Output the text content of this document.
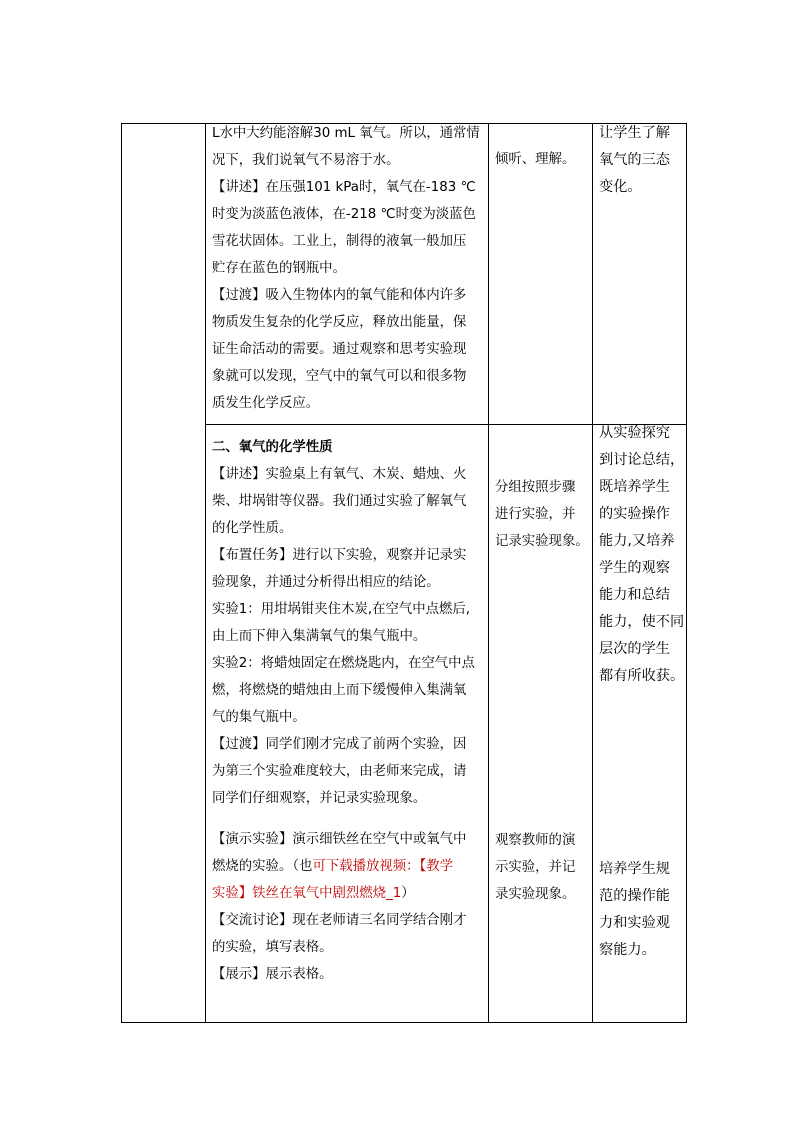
L水中大约能溶解30 mL 氧气。所以，通常情

况下，我们说氧气不易溶于水。

【讲述】在压强101 kPa时，氧气在-183 ℃

时变为淡蓝色液体，在-218 ℃时变为淡蓝色

雪花状固体。工业上，制得的液氧一般加压

贮存在蓝色的钢瓶中。

【过渡】吸入生物体内的氧气能和体内许多

物质发生复杂的化学反应，释放出能量，保

证生命活动的需要。通过观察和思考实验现

象就可以发现，空气中的氧气可以和很多物

质发生化学反应。

倾听、理解。

让学生了解

氧气的三态

变化。

二、氧气的化学性质

【讲述】实验桌上有氧气、木炭、蜡烛、火

柴、坩埚钳等仪器。我们通过实验了解氧气

的化学性质。

【布置任务】进行以下实验，观察并记录实

验现象，并通过分析得出相应的结论。

实验1：用坩埚钳夹住木炭,在空气中点燃后,

由上而下伸入集满氧气的集气瓶中。

实验2：将蜡烛固定在燃烧匙内，在空气中点

燃，将燃烧的蜡烛由上而下缓慢伸入集满氧

气的集气瓶中。

【过渡】同学们刚才完成了前两个实验，因

为第三个实验难度较大，由老师来完成，请

同学们仔细观察，并记录实验现象。

【演示实验】演示细铁丝在空气中或氧气中

燃烧的实验。（也可下载播放视频：【教学

实验】铁丝在氧气中剧烈燃烧_1）

【交流讨论】现在老师请三名同学结合刚才

的实验，填写表格。

【展示】展示表格。

分组按照步骤

进行实验，并

记录实验现象。

观察教师的演

示实验，并记

录实验现象。

从实验探究

到讨论总结，

既培养学生

的实验操作

能力,又培养

学生的观察

能力和总结

能力，使不同

层次的学生

都有所收获。

培养学生规

范的操作能

力和实验观

察能力。
